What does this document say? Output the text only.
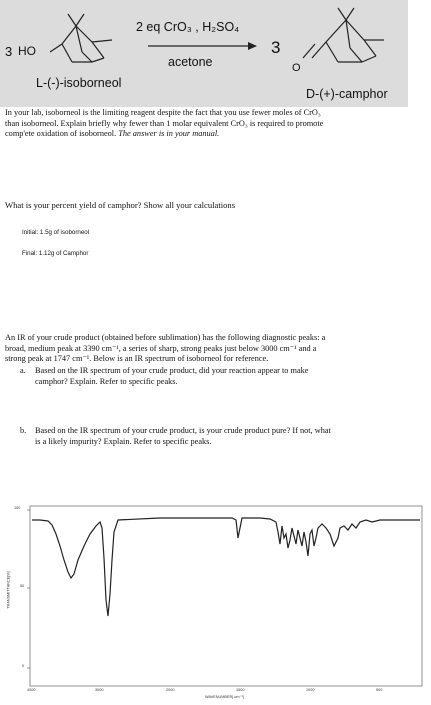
3 HO
2 eq CrO₃ , H₂SO₄
acetone
3
O
L-(-)-isoborneol
D-(+)-camphor
In your lab, isoborneol is the limiting reagent despite the fact that you use fewer moles of CrO₃
than isoborneol. Explain briefly why fewer than 1 molar equivalent CrO₃ is required to promote
comp'ete oxidation of isoborneol. The answer is in your manual.
What is your percent yield of camphor? Show all your calculations
Initial: 1.5g of isoborneol
Final: 1.12g of Camphor
An IR of your crude product (obtained before sublimation) has the following diagnostic peaks: a
broad, medium peak at 3390 cm⁻¹, a series of sharp, strong peaks just below 3000 cm⁻¹ and a
strong peak at 1747 cm⁻¹. Below is an IR spectrum of isoborneol for reference.
a.	Based on the IR spectrum of your crude product, did your reaction appear to make
camphor? Explain. Refer to specific peaks.
b.	Based on the IR spectrum of your crude product, is your crude product pure? If not, what
is a likely impurity? Explain. Refer to specific peaks.
100
50
0
TRANSMITTANCE[%]
4000	3000	2000	1500	1000	500
WAVENUMBER[-cm⁻¹]
